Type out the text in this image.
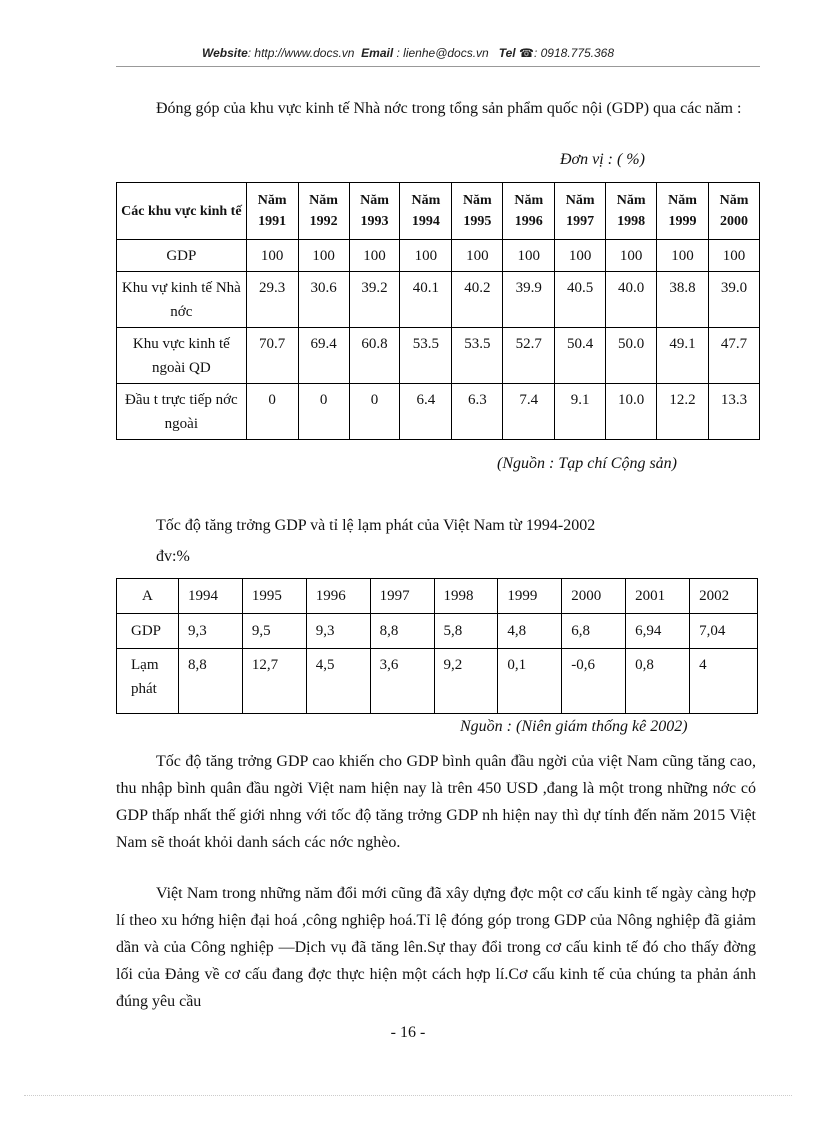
Website: http://www.docs.vn Email : lienhe@docs.vn Tel ☎: 0918.775.368

Đóng góp của khu vực kinh tế Nhà nớc trong tổng sản phẩm quốc nội (GDP) qua các năm :

Đơn vị : ( %)
Các khu vực kinh tế	Năm 1991	Năm 1992	Năm 1993	Năm 1994	Năm 1995	Năm 1996	Năm 1997	Năm 1998	Năm 1999	Năm 2000
GDP	100	100	100	100	100	100	100	100	100	100
Khu vự kinh tế Nhà nớc	29.3	30.6	39.2	40.1	40.2	39.9	40.5	40.0	38.8	39.0
Khu vực kinh tế ngoài QD	70.7	69.4	60.8	53.5	53.5	52.7	50.4	50.0	49.1	47.7
Đầu t trực tiếp nớc ngoài	0	0	0	6.4	6.3	7.4	9.1	10.0	12.2	13.3
(Nguồn : Tạp chí Cộng sản)
Tốc độ tăng trởng GDP và tỉ lệ lạm phát của Việt Nam từ 1994-2002
đv:%
A	1994	1995	1996	1997	1998	1999	2000	2001	2002
GDP	9,3	9,5	9,3	8,8	5,8	4,8	6,8	6,94	7,04
Lạm phát	8,8	12,7	4,5	3,6	9,2	0,1	-0,6	0,8	4
Nguồn : (Niên giám thống kê 2002)

Tốc độ tăng trởng GDP cao khiến cho GDP bình quân đầu ngời của việt Nam cũng tăng cao, thu nhập bình quân đầu ngời Việt nam hiện nay là trên 450 USD ,đang là một trong những nớc có GDP thấp nhất thế giới nhng với tốc độ tăng trởng GDP nh hiện nay thì dự tính đến năm 2015 Việt Nam sẽ thoát khỏi danh sách các nớc nghèo.

Việt Nam trong những năm đổi mới cũng đã xây dựng đợc một cơ cấu kinh tế ngày càng hợp lí theo xu hớng hiện đại hoá ,công nghiệp hoá.Tỉ lệ đóng góp trong GDP của Nông nghiệp đã giảm dần và của Công nghiệp —Dịch vụ đã tăng lên.Sự thay đổi trong cơ cấu kinh tế đó cho thấy đờng lối của Đảng về cơ cấu đang đợc thực hiện một cách hợp lí.Cơ cấu kinh tế của chúng ta phản ánh đúng yêu cầu

- 16 -
